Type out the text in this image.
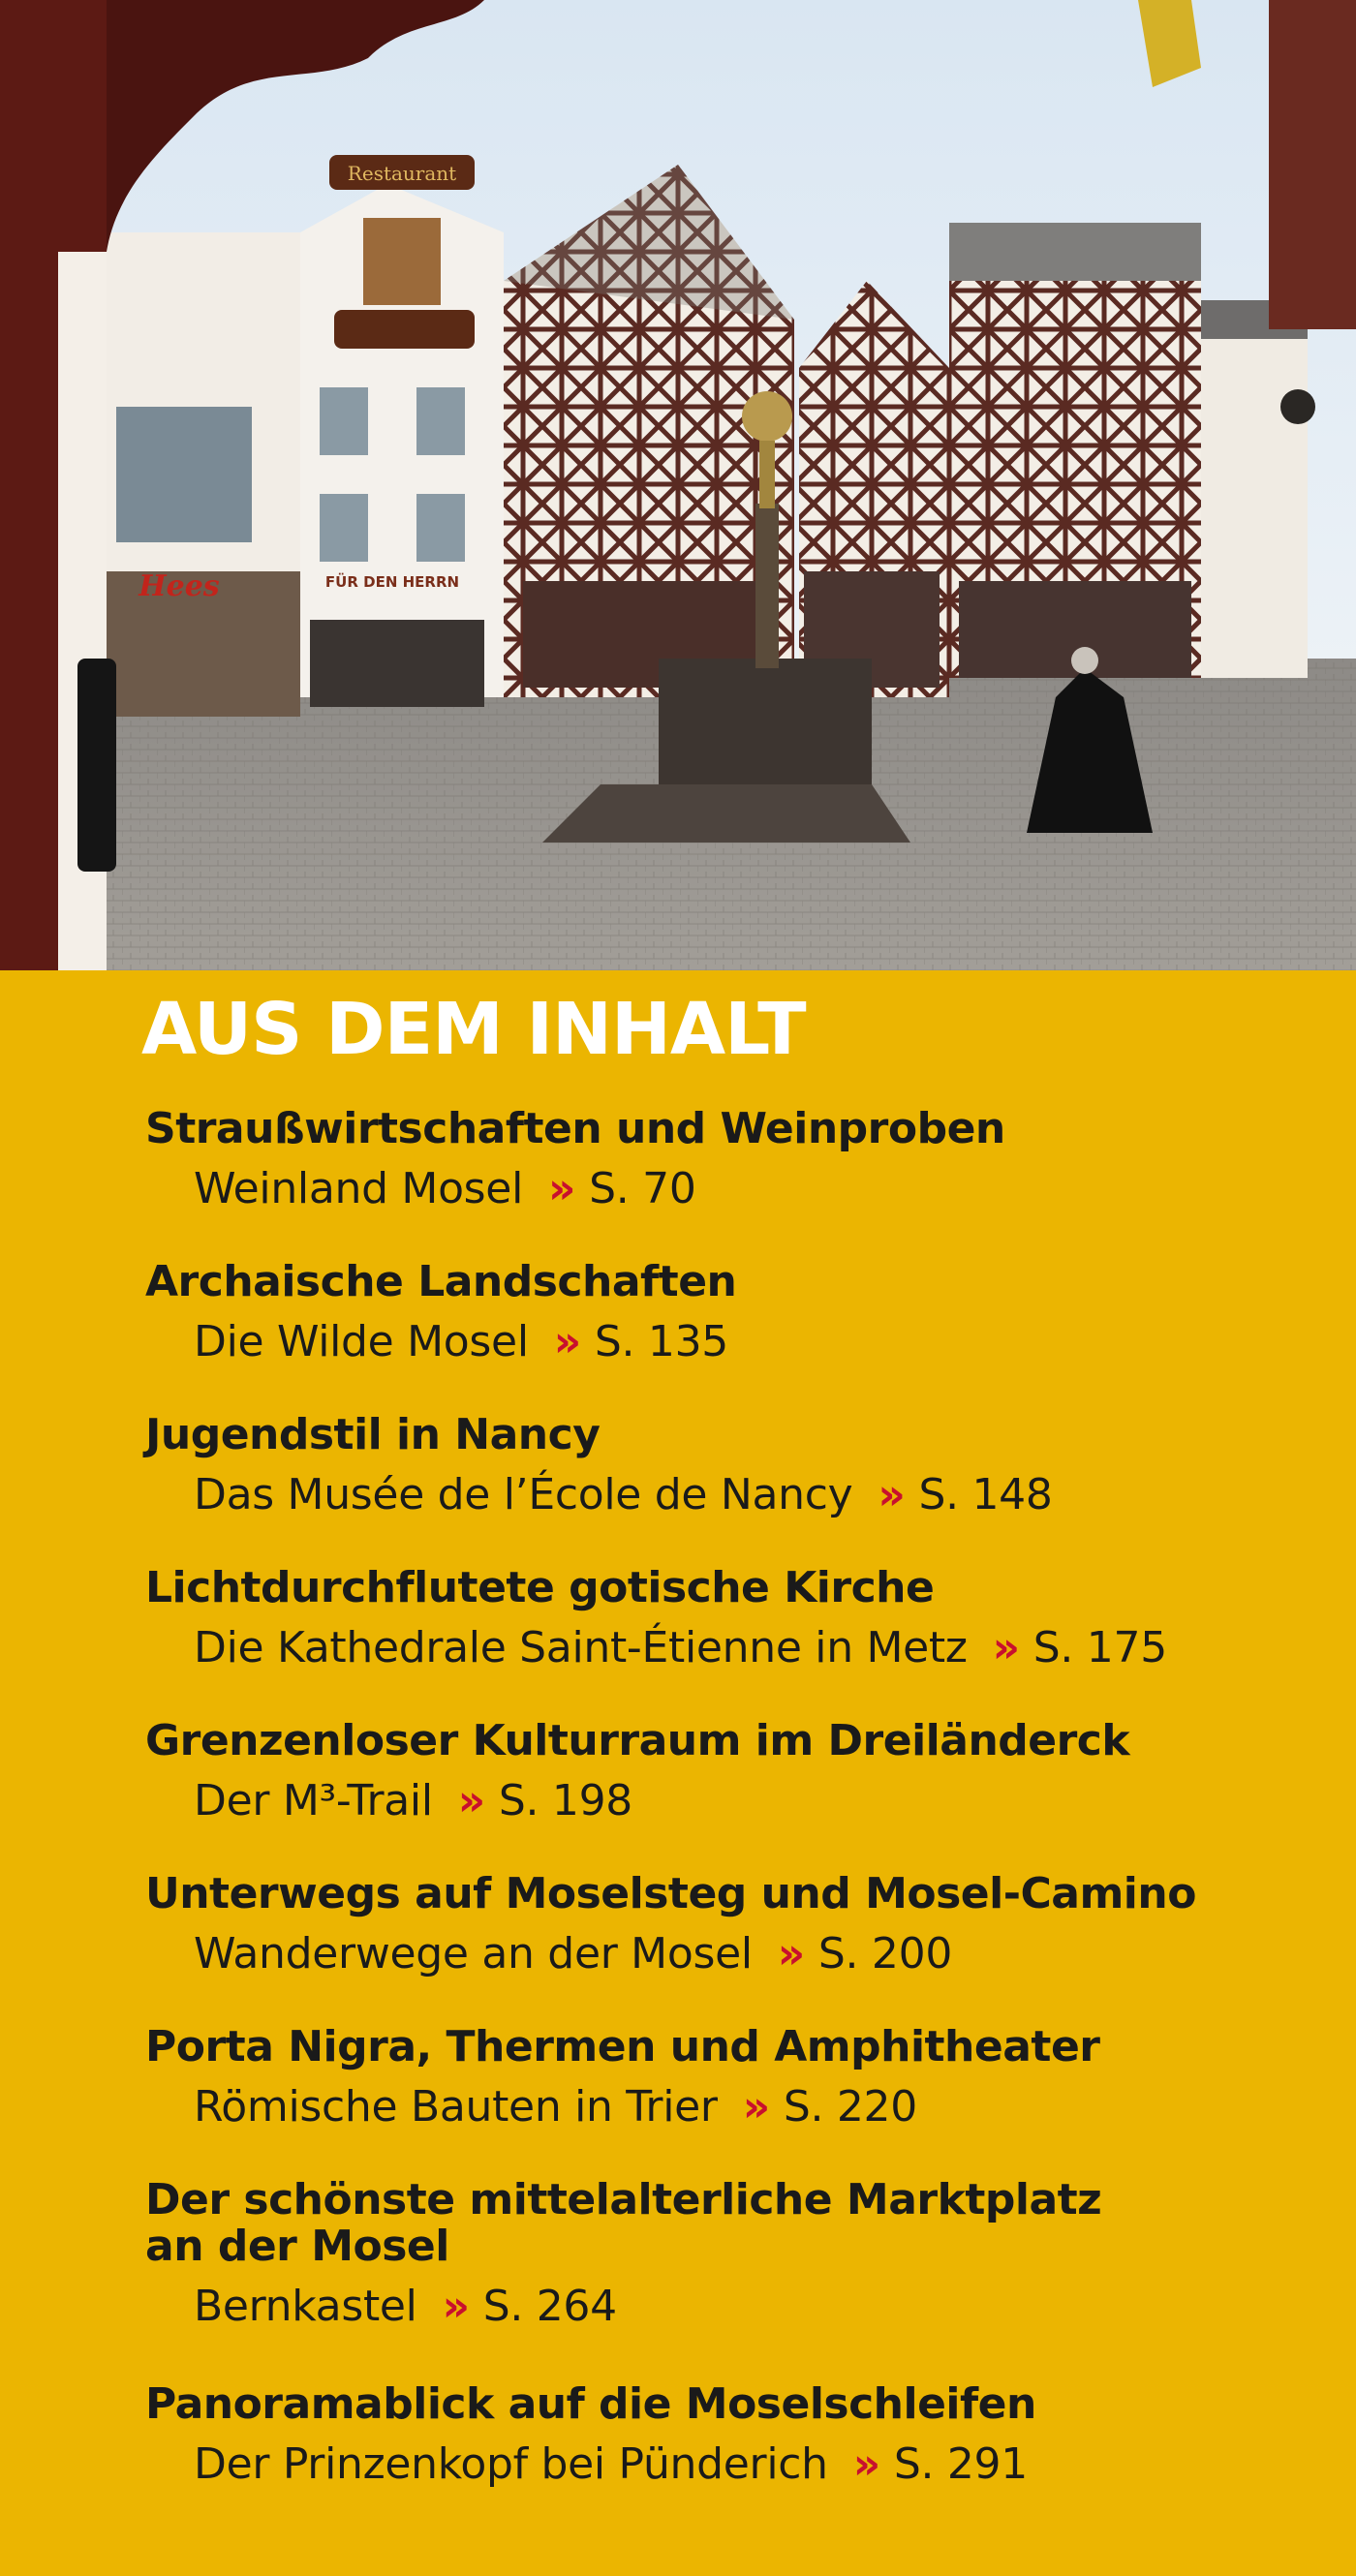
Hees	FÜR DEN HERRN
Restaurant
AUS DEM INHALT
Straußwirtschaften und Weinproben

Weinland Mosel » S. 70

Archaische Landschaften

Die Wilde Mosel » S. 135

Jugendstil in Nancy

Das Musée de l’École de Nancy » S. 148

Lichtdurchflutete gotische Kirche

Die Kathedrale Saint-Étienne in Metz » S. 175

Grenzenloser Kulturraum im Dreiländerck

Der M³-Trail » S. 198

Unterwegs auf Moselsteg und Mosel-Camino

Wanderwege an der Mosel » S. 200

Porta Nigra, Thermen und Amphitheater

Römische Bauten in Trier » S. 220

Der schönste mittelalterliche Marktplatz
an der Mosel

Bernkastel » S. 264

Panoramablick auf die Moselschleifen

Der Prinzenkopf bei Pünderich » S. 291
